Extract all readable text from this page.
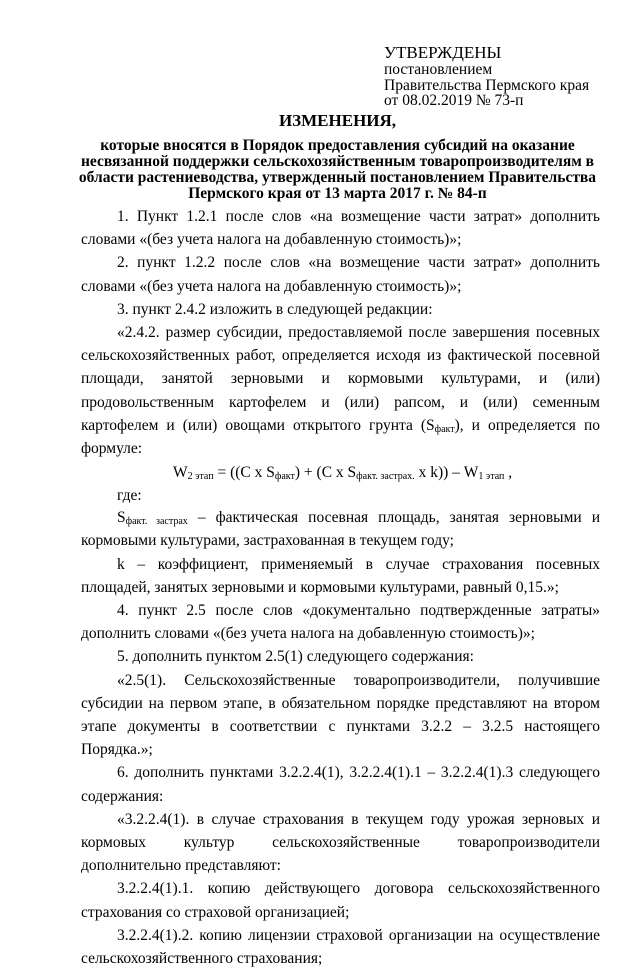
УТВЕРЖДЕНЫ
постановлением
Правительства Пермского края
от 08.02.2019 № 73-п
ИЗМЕНЕНИЯ,
которые вносятся в Порядок предоставления субсидий на оказание несвязанной поддержки сельскохозяйственным товаропроизводителям в области растениеводства, утвержденный постановлением Правительства Пермского края от 13 марта 2017 г. № 84-п

1. Пункт 1.2.1 после слов «на возмещение части затрат» дополнить словами «(без учета налога на добавленную стоимость)»;

2. пункт 1.2.2 после слов «на возмещение части затрат» дополнить словами «(без учета налога на добавленную стоимость)»;

3. пункт 2.4.2 изложить в следующей редакции:

«2.4.2. размер субсидии, предоставляемой после завершения посевных сельскохозяйственных работ, определяется исходя из фактической посевной площади, занятой зерновыми и кормовыми культурами, и (или) продовольственным картофелем и (или) рапсом, и (или) семенным картофелем и (или) овощами открытого грунта $(S_{факт})$, и определяется по формуле:

$W_{2 этап} = ((С$ x $S_{факт}) + (С$ x $S_{факт. застрах.}$ x $k)) - W_{1 этап}$ ,

где:

$S_{факт. застрах}$ – фактическая посевная площадь, занятая зерновыми и кормовыми культурами, застрахованная в текущем году;

k – коэффициент, применяемый в случае страхования посевных площадей, занятых зерновыми и кормовыми культурами, равный 0,15.»;

4. пункт 2.5 после слов «документально подтвержденные затраты» дополнить словами «(без учета налога на добавленную стоимость)»;

5. дополнить пунктом 2.5(1) следующего содержания:

«2.5(1). Сельскохозяйственные товаропроизводители, получившие субсидии на первом этапе, в обязательном порядке представляют на втором этапе документы в соответствии с пунктами 3.2.2 – 3.2.5 настоящего Порядка.»;

6. дополнить пунктами 3.2.2.4(1), 3.2.2.4(1).1 – 3.2.2.4(1).3 следующего содержания:

«3.2.2.4(1). в случае страхования в текущем году урожая зерновых и кормовых культур сельскохозяйственные товаропроизводители дополнительно представляют:

3.2.2.4(1).1. копию действующего договора сельскохозяйственного страхования со страховой организацией;

3.2.2.4(1).2. копию лицензии страховой организации на осуществление сельскохозяйственного страхования;
